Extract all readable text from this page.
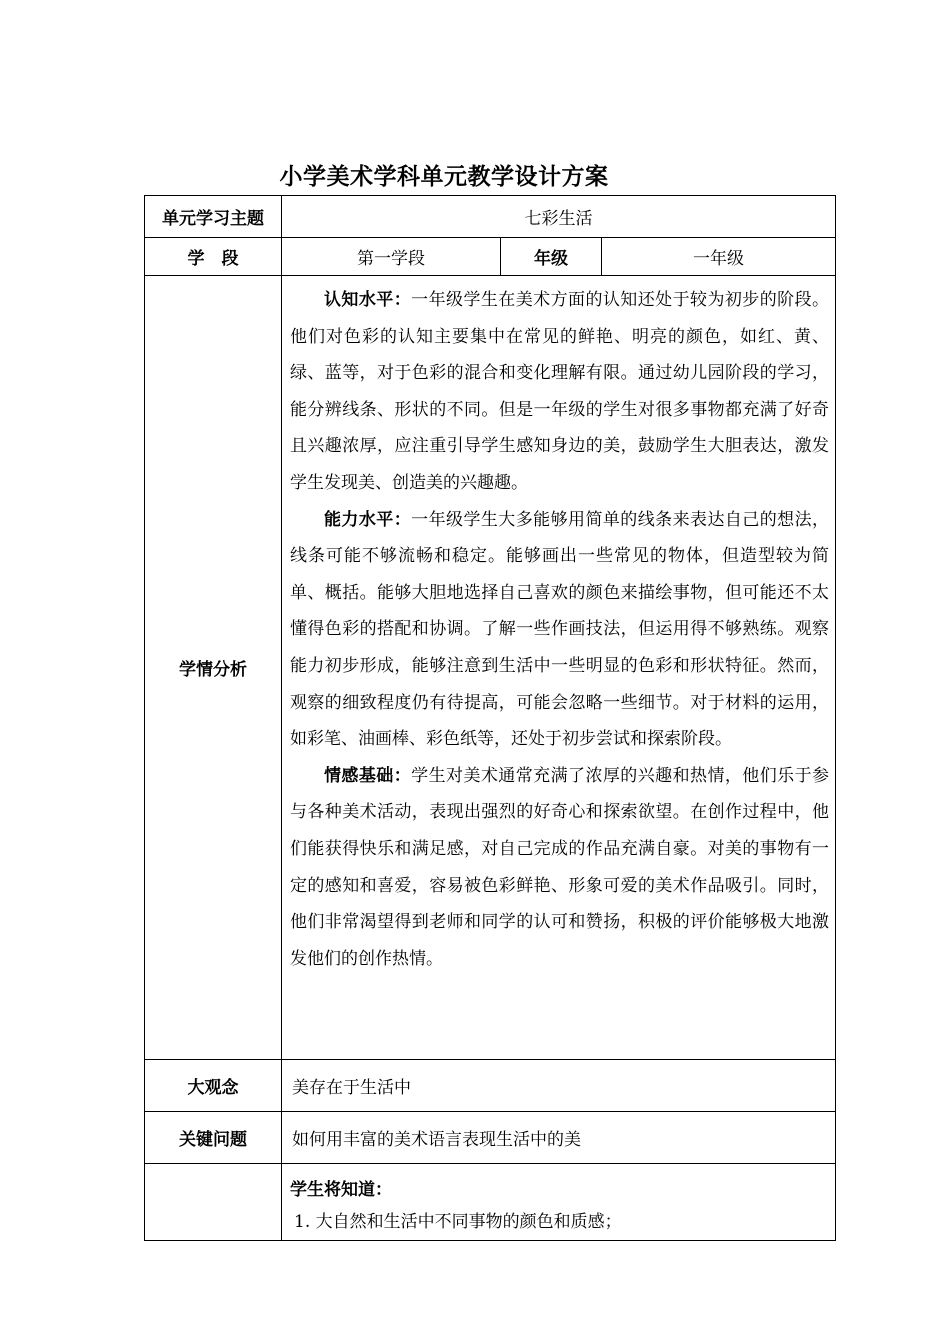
小学美术学科单元教学设计方案
单元学习主题	七彩生活		
学　段	第一学段	年级	一年级
学情分析	认知水平：一年级学生在美术方面的认知还处于较为初步的阶段。他们对色彩的认知主要集中在常见的鲜艳、明亮的颜色，如红、黄、绿、蓝等，对于色彩的混合和变化理解有限。通过幼儿园阶段的学习，能分辨线条、形状的不同。但是一年级的学生对很多事物都充满了好奇且兴趣浓厚，应注重引导学生感知身边的美，鼓励学生大胆表达，激发学生发现美、创造美的兴趣趣。

能力水平：一年级学生大多能够用简单的线条来表达自己的想法，线条可能不够流畅和稳定。能够画出一些常见的物体，但造型较为简单、概括。能够大胆地选择自己喜欢的颜色来描绘事物，但可能还不太懂得色彩的搭配和协调。了解一些作画技法，但运用得不够熟练。观察能力初步形成，能够注意到生活中一些明显的色彩和形状特征。然而，观察的细致程度仍有待提高，可能会忽略一些细节。对于材料的运用，如彩笔、油画棒、彩色纸等，还处于初步尝试和探索阶段。

情感基础：学生对美术通常充满了浓厚的兴趣和热情，他们乐于参与各种美术活动，表现出强烈的好奇心和探索欲望。在创作过程中，他们能获得快乐和满足感，对自己完成的作品充满自豪。对美的事物有一定的感知和喜爱，容易被色彩鲜艳、形象可爱的美术作品吸引。同时，他们非常渴望得到老师和同学的认可和赞扬，积极的评价能够极大地激发他们的创作热情。		

大观念	美存在于生活中		
关键问题	如何用丰富的美术语言表现生活中的美		

	学生将知道：
1. 大自然和生活中不同事物的颜色和质感；		
